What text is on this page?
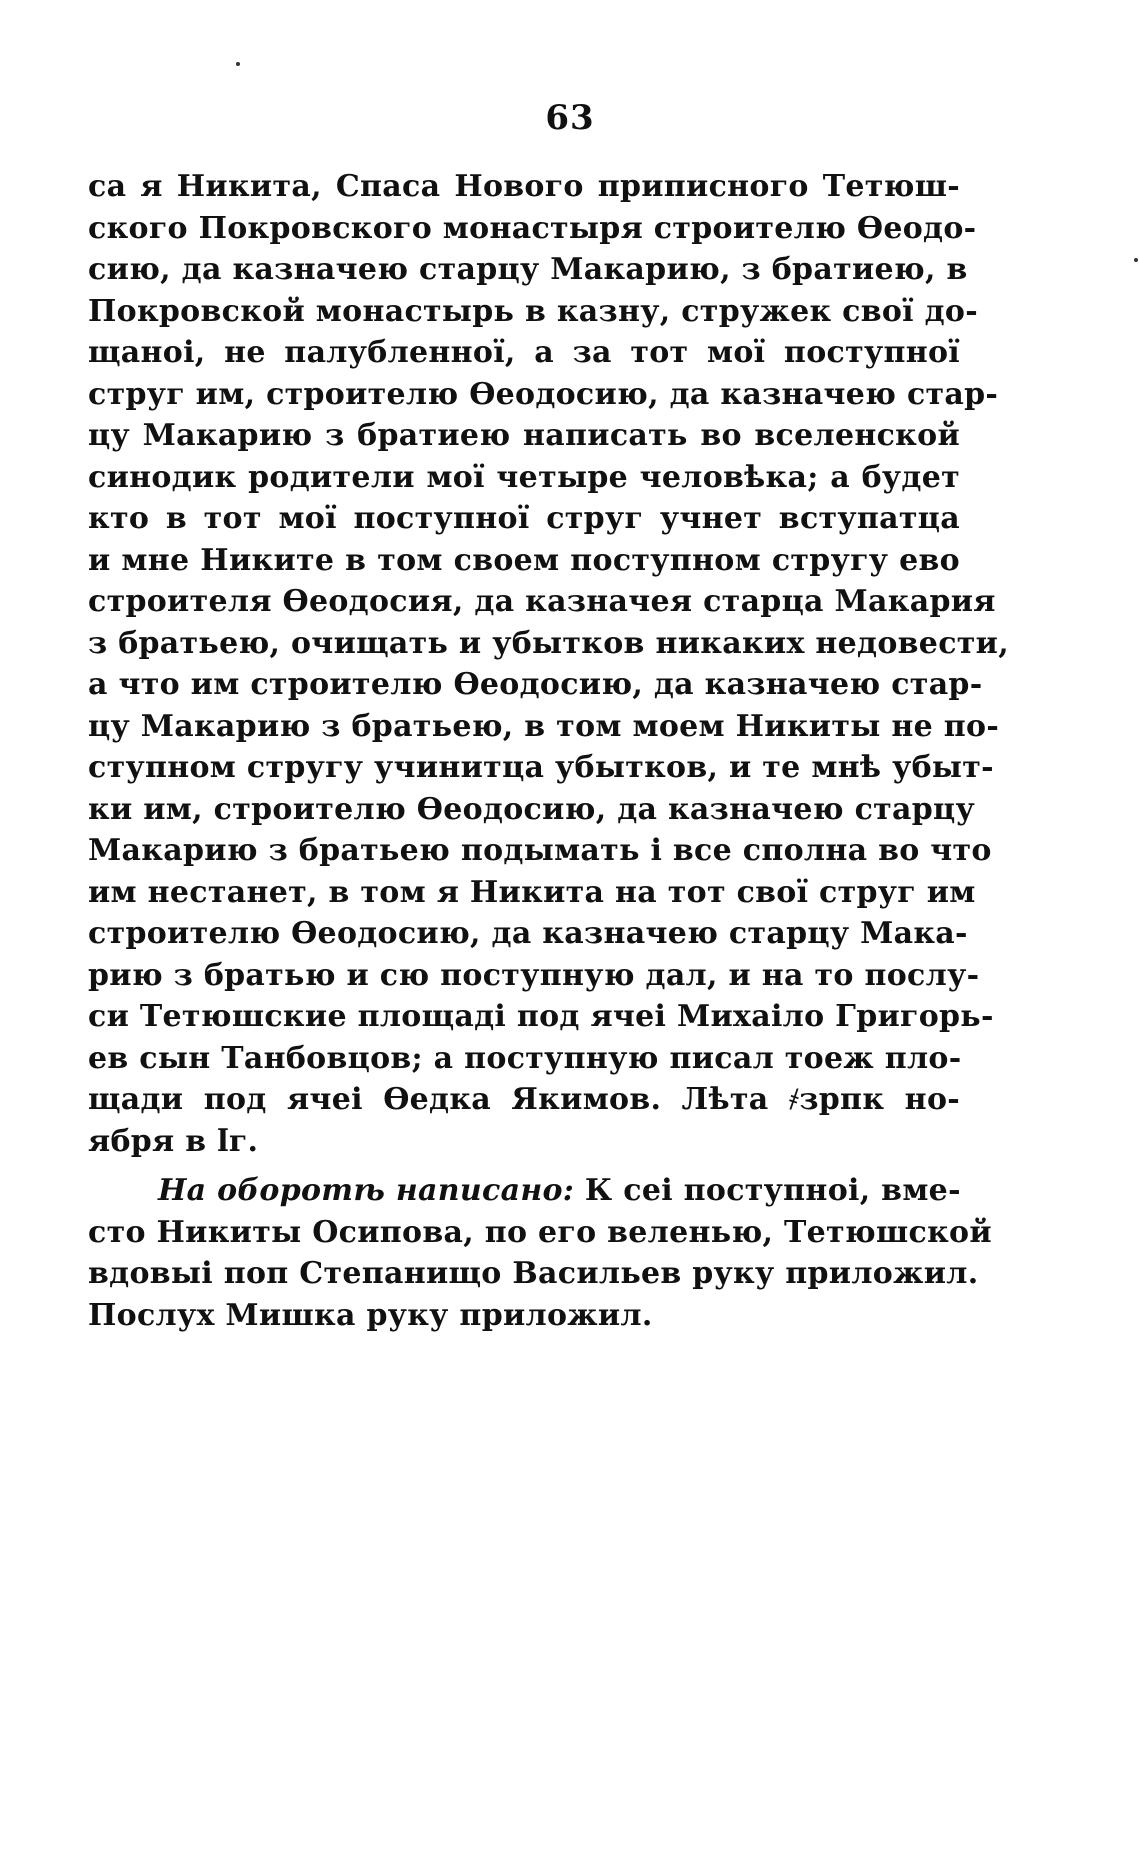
63
са я Никита, Спаса Нового приписного Тетюш-
ского Покровского монастыря строителю Өеодо-
сию, да казначею старцу Макарию, з братиею, в
Покровской монастырь в казну, стружек свої до-
щаноі, не палубленної, а за тот мої поступної
струг им, строителю Өеодосию, да казначею стар-
цу Макарию з братиею написать во вселенской
синодик родители мої четыре человѣка; а будет
кто в тот мої поступної струг учнет вступатца
и мне Никите в том своем поступном стругу ево
строителя Өеодосия, да казначея старца Макария
з братьею, очищать и убытков никаких недовести,
а что им строителю Өеодосию, да казначею стар-
цу Макарию з братьею, в том моем Никиты не по-
ступном стругу учинитца убытков, и те мнѣ убыт-
ки им, строителю Өеодосию, да казначею старцу
Макарию з братьею подымать і все сполна во что
им нестанет, в том я Никита на тот свої струг им
строителю Өеодосию, да казначею старцу Мака-
рию з братью и сю поступную дал, и на то послу-
си Тетюшские площаді под ячеі Михаіло Григорь-
ев сын Танбовцов; а поступную писал тоеж пло-
щади под ячеі Өедка Якимов. Лѣта ҂зрпк но-
ября в ӏг.
На оборотѣ написано: К сеі поступноі, вме-
сто Никиты Осипова, по его веленью, Тетюшской
вдовыі поп Степанищо Васильев руку приложил.
Послух Мишка руку приложил.
